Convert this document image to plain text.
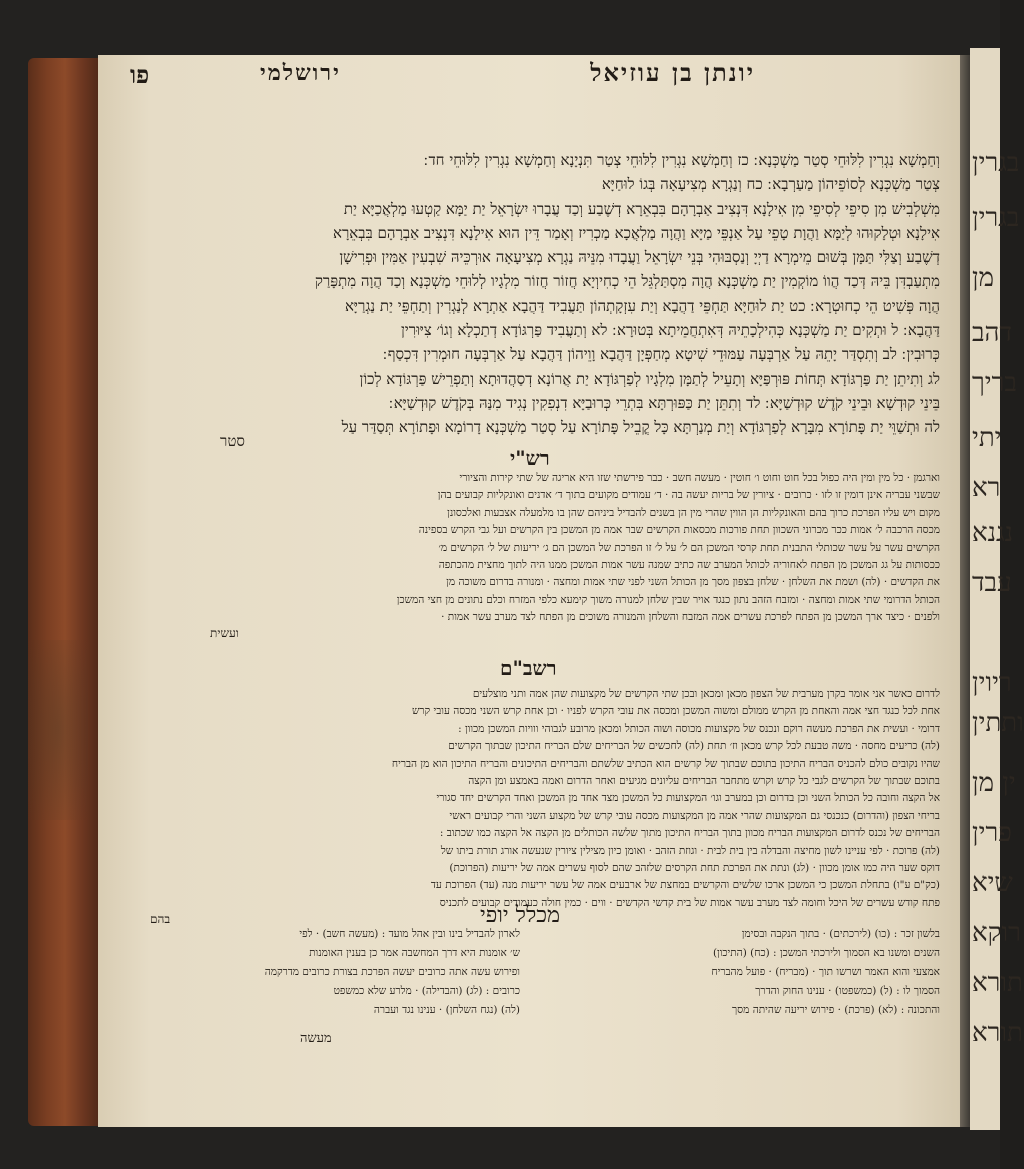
בגרין
בגרין
מן
דהב
בריך
יתי
רא
נגנא
עבד
ריוין
ותתין
ין מן
פרין
שיא
רוקא
תורא
תורא
יונתן בן עוזיאל
ירושלמי
פו

וְחַמְשָׁא נִגְרִין לִלּוּחֵי סְטַר מַשְׁכְּנָא ׃ כז וְחַמְשָׁא נִגְרִין לִלּוּחֵי צְטַר תִּנְיָנָא וְחַמְשָׁא נִגְרִין לִלּוּחֵי חד ׃

צְטַר מַשְׁכְּנָא לְסוֹפֵיהוֹן מַעַרְבָא ׃ כח וְנַגְרָא מְצִיעָאָה בְּגוֹ לוּחַיָּא

מִשְׁלְבִישׁ מִן סִיפֵי לְסִיפֵי מִן אִילָנָא דִּנְצִיב אַבְרָהָם בִּבְאֵרָא דְשֶׁבַע וְכַד עֲבָרוּ יִשְׂרָאֵל יַת יַמָּא קַטְעוּ מַלְאֲכַיָּא יַת

אִילָנָא וּטְלָקוּהוּ לְיַמָּא וַהֲוָת טָפֵי עַל אַנְפֵּי מַיָּא וַהֲוָה מַלְאֲכָא מַכְרִיז וְאָמַר דֵּין הוּא אִילָנָא דִּנְצִיב אַבְרָהָם בִּבְאֵרָא

דְשֶׁבַע וְצַלִּי תַּמָּן בְּשׁוּם מֵימְרָא דַיְיָ וְנַסְבּוּהִי בְּנֵי יִשְׂרָאֵל וַעֲבָדוּ מִנֵּיהּ נַגְרָא מְצִיעָאָה אוּרְכֵּיהּ שִׁבְעִין אַמִּין וּפְרִישָׁן

מִתְעַבְדִּן בֵּיהּ דְּכַד הֲווֹ מוֹקְמִין יַת מַשְׁכְּנָא הֲוָה מִסְתַּלְגֵּל הֵי כְחִיוְיָא חֲזוֹר חֲזוֹר מִלְגָיו לְלוּחֵי מַשְׁכְּנָא וְכַד הֲוָה מִתְפָּרַק

הֲוָה פְּשִׁיט הֵי כְחוּטְרָא ׃ כט יַת לוּחַיָּא תַּחְפֵּי דַהֲבָא וְיַת עִזְקָתְהוֹן תַּעֲבִיד דַּהֲבָא אַתְרָא לְנַגְרִין וְתַחְפֵּי יַת נַגְרַיָּא

דַּהֲבָא ׃ ל וּתְקִים יַת מַשְׁכְּנָא כְּהִילְכָתֵיהּ דְּאִתְחֲמֵיתָא בְּטוּרָא ׃ לא וְתַעֲבִיד פַּרְגּוֹדָא דְתַכְלָא וְגוֹ׳ צִיּוּרִין

כְּרוּבִין ׃ לב וְתִסְדַּר יָתֵהּ עַל אַרְבְּעָה עַמּוּדֵי שִׁיטָא מְחַפְּיָן דַּהֲבָא וָוֵיהוֹן דַּהֲבָא עַל אַרְבְּעָה חוּמְרִין דִּכְסַף ׃

לג וְתִיתֵן יַת פַּרְגּוֹדָא תְּחוֹת פּוּרְפַּיָּא וְתָעֵיל לְתַמָּן מִלְגָיו לְפַרְגּוֹדָא יַת אֲרוֹנָא דְסַהֲדוּתָא וְתַפְרֵישׁ פַּרְגּוֹדָא לְכוֹן

בֵּינֵי קוּדְשָׁא וּבֵינֵי קֹדֶשׁ קוּדְשַׁיָּא ׃ לד וְתִתֵּן יַת כַּפּוּרְתָּא בִּתְרֵי כְּרוּבַיָּא דִנְפִקִין נְגִיד מִנַּהּ בְּקֹדֶשׁ קוּדְשַׁיָּא ׃

לה וּתְשַׁוֵּי יַת פָּתוֹרָא מִבָּרָא לְפַרְגּוֹדָא וְיַת מְנַרְתָּא כָּל קֳבֵיל פָּתוֹרָא עַל סְטַר מַשְׁכְּנָא דָרוֹמָא וּפָתוֹרָא תְּסַדַּר עַל

סטר
רש"י

וארגמן · כל מין ומין היה כפול בכל חוט וחוט ו׳ חוטין · מעשה חשב · כבר פירשתי שזו היא אריגה של שתי קירות והציורי

שבשני עבריה אינן דומין זו לזו · כרובים · ציורין של בריות יעשה בה · ד׳ עמודים מקועים בתוך ד׳ אדנים ואונקליות קבועים בהן

מקום ויש עליו הפרכת כרוך בהם והאונקליות הן הווין שהרי מין הן בשנים להבדיל ביניהם שהן בו מלמעלה אצבעות ואלכסונן

מכסה הרכבה ל׳ אמות ככר מכרוני השכוון תחת פורכות מכסאות הקרשים שבר אמה מן המשכן בין הקרשים ועל גבי הקרש בספינה

הקרשים עשר על עשר שכותלי התבנית תחת קרסי המשכן הם ל׳ על ל׳ זו הפרכת של המשכן הם ג׳ יריעות של ל׳ הקרשים מ׳

ככסותות על גג המשכן מן הפתח לאחוריה לכותל המערב שה כתיב שמנה עשר אמות המשכן ממנו היה לתוך מחצית מהכתפה

את הקדשים · (לה) ושמת את השלחן · שלחן בצפון מסך מן הכותל השני לפני שתי אמות ומחצה · ומנורה בדרום משוכה מן

הכותל הדרומי שתי אמות ומחצה · ומזבח הזהב נתון כנגד אויר שבין שלחן למנורה משוך קימעא כלפי המזרח וכלם נתונים מן חצי המשכן

ולפנים · כיצד ארך המשכן מן הפתח לפרכת עשרים אמה המזבח והשלחן והמנורה משוכים מן הפתח לצד מערב עשר אמות ·

ועשית
רשב"ם

לדרום כאשר אני אומר בקרן מערבית של הצפון מכאן ומכאן ובכן שתי הקרשים של מקצועות שהן אמה ותני מוצלעים

אחת לכל כנגד חצי אמה והאחת מן הקרש ממולם ומשוה המשכן ומכסה את עובי הקרש לפניו · וכן אחת קרש השני מכסה עובי קרש

דרומי · ועשית את הפרכת מעשה רוקם ונכנס של מקצועות מכוסה ושוה הכותל ומכאן מרובע לגבוהי ווויות המשכן מכוון :

(לה) כריעים מחסה · משה טבעת לכל קרש מכאן וז׳ תחת (לה) לחכשים של הבריחים שלם הבריח התיכון שבתוך הקרשים

שהיו נקובים כולם להכניס הבריח התיכון בתוכם שבתוך של קרשים הוא הכתיב שלשתם והבריחים התיכונים והבריח התיכון הוא מן הבריח

בתוכם שבתוך של הקרשים לגבי כל קרש וקרש מתחבר הבריחים עליונים מגיעים ואחר הדרום ואמה באמצע ומן הקצה

אל הקצה וחובה כל הכותל השני וכן בדרום וכן במערב וגו׳ המקצועות כל המשכן מצד אחד מן המשכן ואחד הקרשים יחד סגורי

בריחי הצפון (והדרום) כנכנסי גם המקצועות שהרי אמה מן המקצועות מכסה עובי קרש של מקצוע השני והרי קבועים ראשי

הבריחים של נכנס לדרום המקצועות הבריח מכוון בתוך הבריח התיכון מתוך שלשה הכותלים מן הקצה אל הקצה כמו שכתוב :

(לה) פרוכת · לפי עניינו לשון מחיצה והבדלה בין בית לבית · וגוזת הזהב · ואומן כיון מצילין ציורין שנעשה אורג תורת ביתו של

דוקס שער היה כמו אומן מכוון · (לג) ונתת את הפרכת תחת הקרסים שלזהב שהם לסוף עשרים אמה של יריעות (הפרוכת)

(כק"ם ע"ו) בתחלת המשכן כי המשכן ארכו שלשים והקרשים במחצת של ארבעים אמה של עשר יריעות מנה (עד) הפרוכת עד

פתח קודש עשרים של היכל וחומה לצד מערב עשר אמות של בית קדשי הקדשים · ווים · כמין חולה כעמודים קבועים לתכניס

בהם	מכלל יופי

בלשון זכר : (כו) (לירכתים) · בתוך הנקבה ובסימן

השנים ומשנו בא הסמוך ולירכתי המשכן : (כח) (התיכון)

אמצעי והוא האמר ושרשו תוך · (מבריח) · פועל מהבריח

הסמוך לו : (ל) (כמשפטו) · ענינו החוק והדרך

והתכונה : (לא) (פרכת) · פירוש יריעה שהיתה מסך

לארון להבדיל בינו ובין אהל מועד : (מעשה חשב) · לפי

ש׳ אומנות היא דרך המחשבה אמר כן בענין האומנות

ופירוש עשה אתה כרובים יעשה הפרכת בצורת כרובים מדרקמה

כרובים : (לג) (והבדילה) · מלרע שלא כמשפט

(לה) (נגח השלחן) · ענינו נגד ועברה

מעשה
